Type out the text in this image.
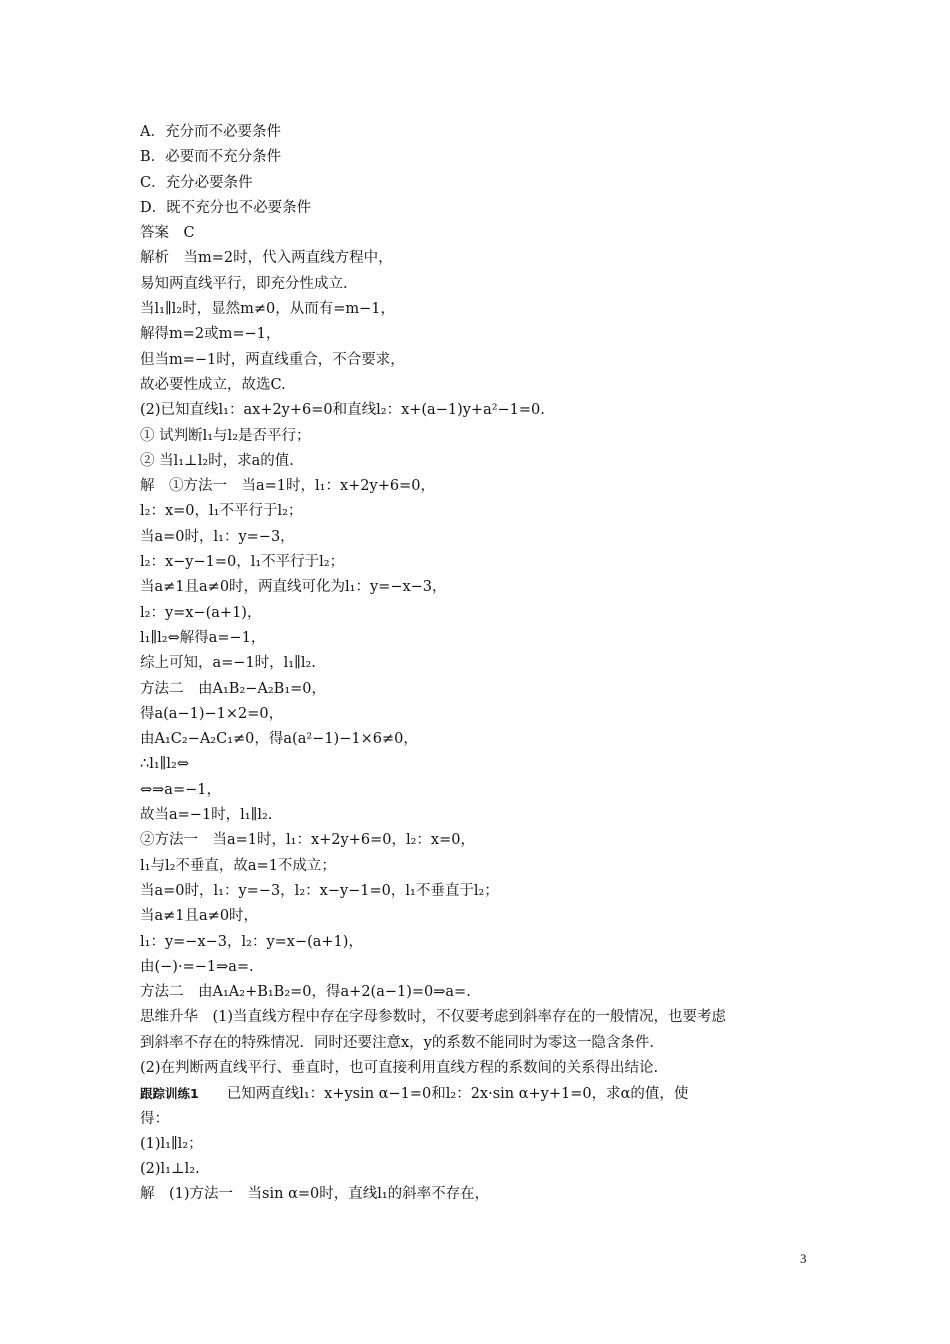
A．充分而不必要条件
B．必要而不充分条件
C．充分必要条件
D．既不充分也不必要条件
答案　C
解析　当m=2时，代入两直线方程中，
易知两直线平行，即充分性成立.
当l₁∥l₂时，显然m≠0，从而有=m−1，
解得m=2或m=−1，
但当m=−1时，两直线重合，不合要求，
故必要性成立，故选C.
(2)已知直线l₁：ax+2y+6=0和直线l₂：x+(a−1)y+a²−1=0.
① 试判断l₁与l₂是否平行；
② 当l₁⊥l₂时，求a的值.
解　①方法一　当a=1时，l₁：x+2y+6=0，
l₂：x=0，l₁不平行于l₂；
当a=0时，l₁：y=−3，
l₂：x−y−1=0，l₁不平行于l₂；
当a≠1且a≠0时，两直线可化为l₁：y=−x−3，
l₂：y=x−(a+1)，
l₁∥l₂⇔解得a=−1，
综上可知，a=−1时，l₁∥l₂.
方法二　由A₁B₂−A₂B₁=0，
得a(a−1)−1×2=0，
由A₁C₂−A₂C₁≠0，得a(a²−1)−1×6≠0，
∴l₁∥l₂⇔
⇔⇒a=−1，
故当a=−1时，l₁∥l₂.
②方法一　当a=1时，l₁：x+2y+6=0，l₂：x=0，
l₁与l₂不垂直，故a=1不成立；
当a=0时，l₁：y=−3，l₂：x−y−1=0，l₁不垂直于l₂；
当a≠1且a≠0时，
l₁：y=−x−3，l₂：y=x−(a+1)，
由(−)·=−1⇒a=.
方法二　由A₁A₂+B₁B₂=0，得a+2(a−1)=0⇒a=.
思维升华　(1)当直线方程中存在字母参数时，不仅要考虑到斜率存在的一般情况，也要考虑
到斜率不存在的特殊情况．同时还要注意x，y的系数不能同时为零这一隐含条件.
(2)在判断两直线平行、垂直时，也可直接利用直线方程的系数间的关系得出结论.
跟踪训练1 已知两直线l₁：x+ysin α−1=0和l₂：2x·sin α+y+1=0，求α的值，使
得：
(1)l₁∥l₂；
(2)l₁⊥l₂.
解　(1)方法一　当sin α=0时，直线l₁的斜率不存在，
3
